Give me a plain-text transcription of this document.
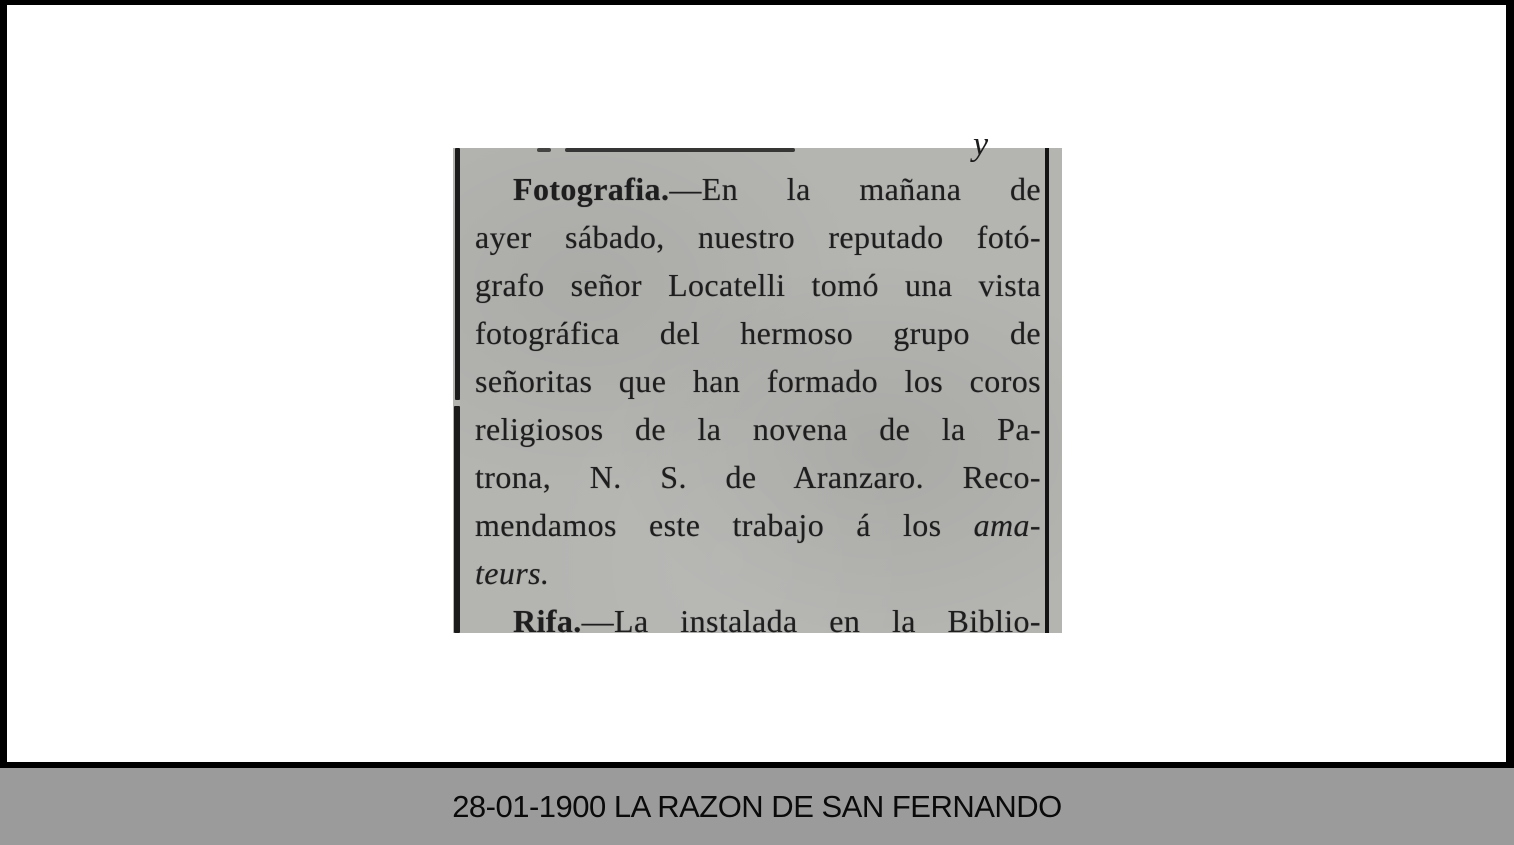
y
Fotografia.—En la mañana de
ayer sábado, nuestro reputado fotó-
grafo señor Locatelli tomó una vista
fotográfica del hermoso grupo de
señoritas que han formado los coros
religiosos de la novena de la Pa-
trona, N. S. de Aranzaro. Reco-
mendamos este trabajo á los ama-
teurs.
Rifa.—La instalada en la Biblio-
28-01-1900 LA RAZON DE SAN FERNANDO
